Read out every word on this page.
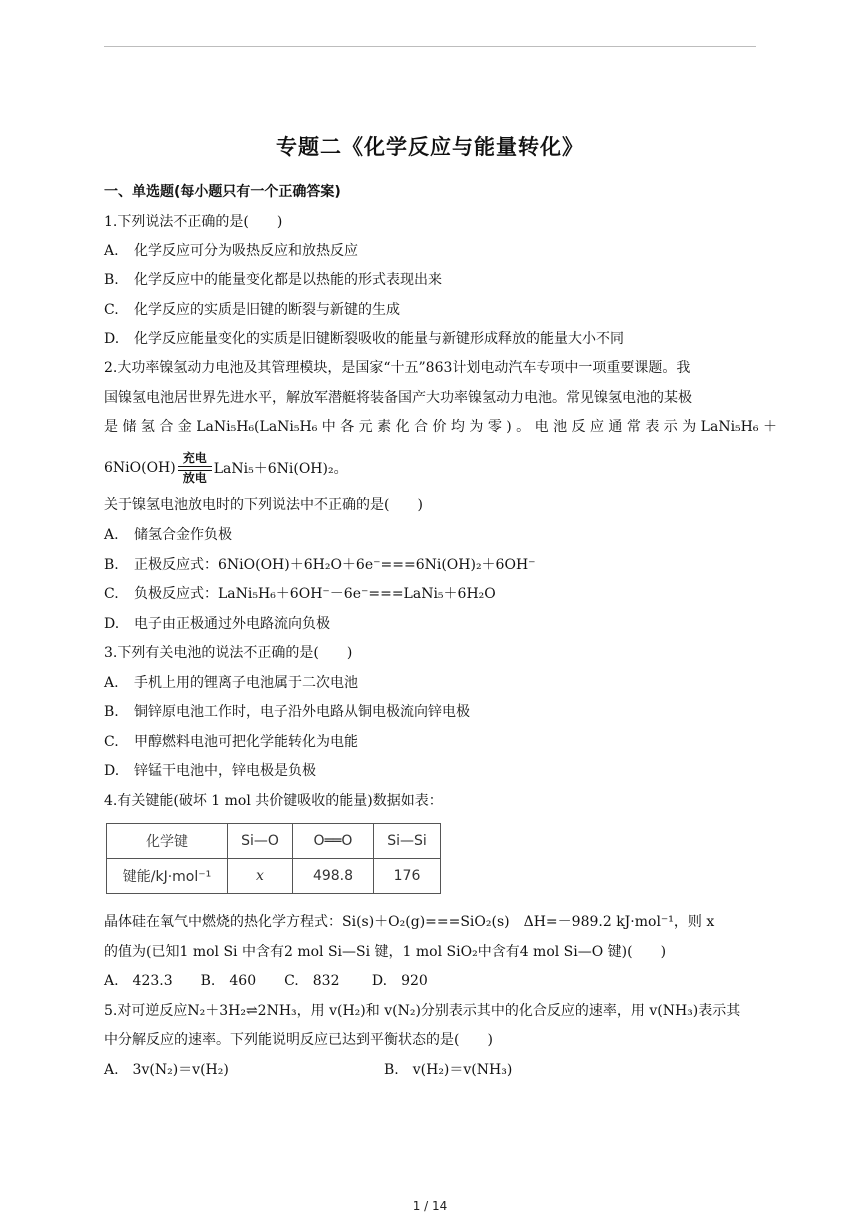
专题二《化学反应与能量转化》
一、单选题(每小题只有一个正确答案)
1.下列说法不正确的是(　　)
A. 化学反应可分为吸热反应和放热反应
B. 化学反应中的能量变化都是以热能的形式表现出来
C. 化学反应的实质是旧键的断裂与新键的生成
D. 化学反应能量变化的实质是旧键断裂吸收的能量与新键形成释放的能量大小不同
2.大功率镍氢动力电池及其管理模块，是国家“十五”863计划电动汽车专项中一项重要课题。我
国镍氢电池居世界先进水平，解放军潜艇将装备国产大功率镍氢动力电池。常见镍氢电池的某极
是 储 氢 合 金 LaNi₅H₆(LaNi₅H₆ 中 各 元 素 化 合 价 均 为 零 ) 。 电 池 反 应 通 常 表 示 为 LaNi₅H₆ ＋
6NiO(OH)
充电
放电
LaNi₅＋6Ni(OH)₂。
关于镍氢电池放电时的下列说法中不正确的是(　　)
A. 储氢合金作负极
B. 正极反应式：6NiO(OH)＋6H₂O＋6e⁻===6Ni(OH)₂＋6OH⁻
C. 负极反应式：LaNi₅H₆＋6OH⁻－6e⁻===LaNi₅＋6H₂O
D. 电子由正极通过外电路流向负极
3.下列有关电池的说法不正确的是(　　)
A. 手机上用的锂离子电池属于二次电池
B. 铜锌原电池工作时，电子沿外电路从铜电极流向锌电极
C. 甲醇燃料电池可把化学能转化为电能
D. 锌锰干电池中，锌电极是负极
4.有关键能(破坏 1 mol 共价键吸收的能量)数据如表：
化学键	Si—O	O══O	Si—Si
键能/kJ·mol⁻¹	x	498.8	176
晶体硅在氧气中燃烧的热化学方程式：Si(s)＋O₂(g)===SiO₂(s)　ΔH=－989.2 kJ·mol⁻¹，则 x
的值为(已知1 mol Si 中含有2 mol Si—Si 键，1 mol SiO₂中含有4 mol Si—O 键)(　　)
A.　423.3　　B.　460　　C.　832　　 D.　920
5.对可逆反应N₂＋3H₂⇌2NH₃，用 v(H₂)和 v(N₂)分别表示其中的化合反应的速率，用 v(NH₃)表示其
中分解反应的速率。下列能说明反应已达到平衡状态的是(　　)
A.　3v(N₂)＝v(H₂)	B.　v(H₂)＝v(NH₃)
1 / 14
